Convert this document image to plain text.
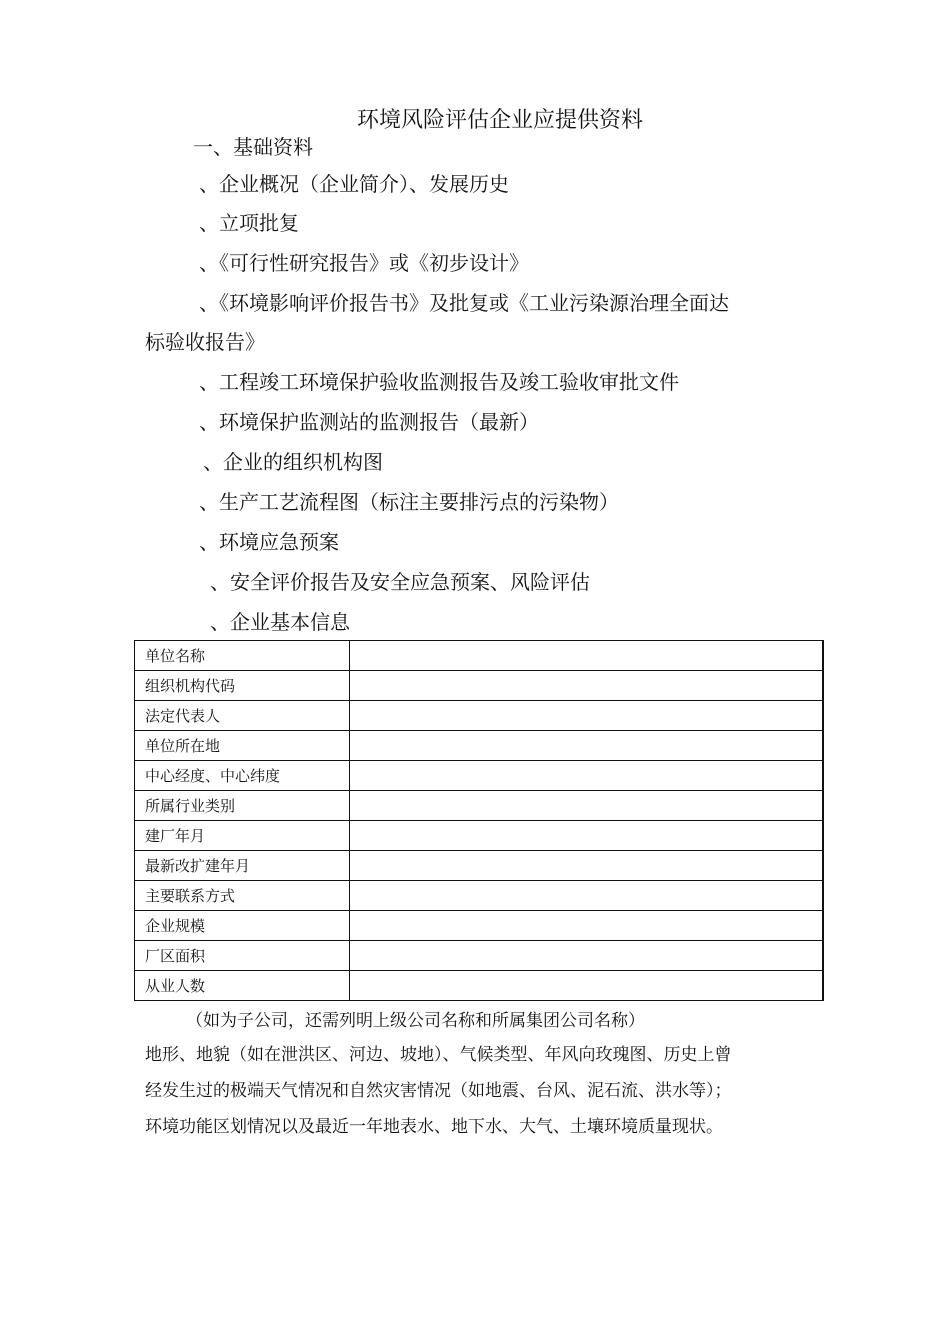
环境风险评估企业应提供资料
一、基础资料
、企业概况（企业简介）、发展历史
、立项批复
、《可行性研究报告》或《初步设计》
、《环境影响评价报告书》及批复或《工业污染源治理全面达
标验收报告》
、工程竣工环境保护验收监测报告及竣工验收审批文件
、环境保护监测站的监测报告（最新）
、企业的组织机构图
、生产工艺流程图（标注主要排污点的污染物）
、环境应急预案
、安全评价报告及安全应急预案、风险评估
、企业基本信息
单位名称	
组织机构代码	
法定代表人	
单位所在地	
中心经度、中心纬度	
所属行业类别	
建厂年月	
最新改扩建年月	
主要联系方式	
企业规模	
厂区面积	
从业人数	
（如为子公司，还需列明上级公司名称和所属集团公司名称）
地形、地貌（如在泄洪区、河边、坡地）、气候类型、年风向玫瑰图、历史上曾
经发生过的极端天气情况和自然灾害情况（如地震、台风、泥石流、洪水等）；
环境功能区划情况以及最近一年地表水、地下水、大气、土壤环境质量现状。
